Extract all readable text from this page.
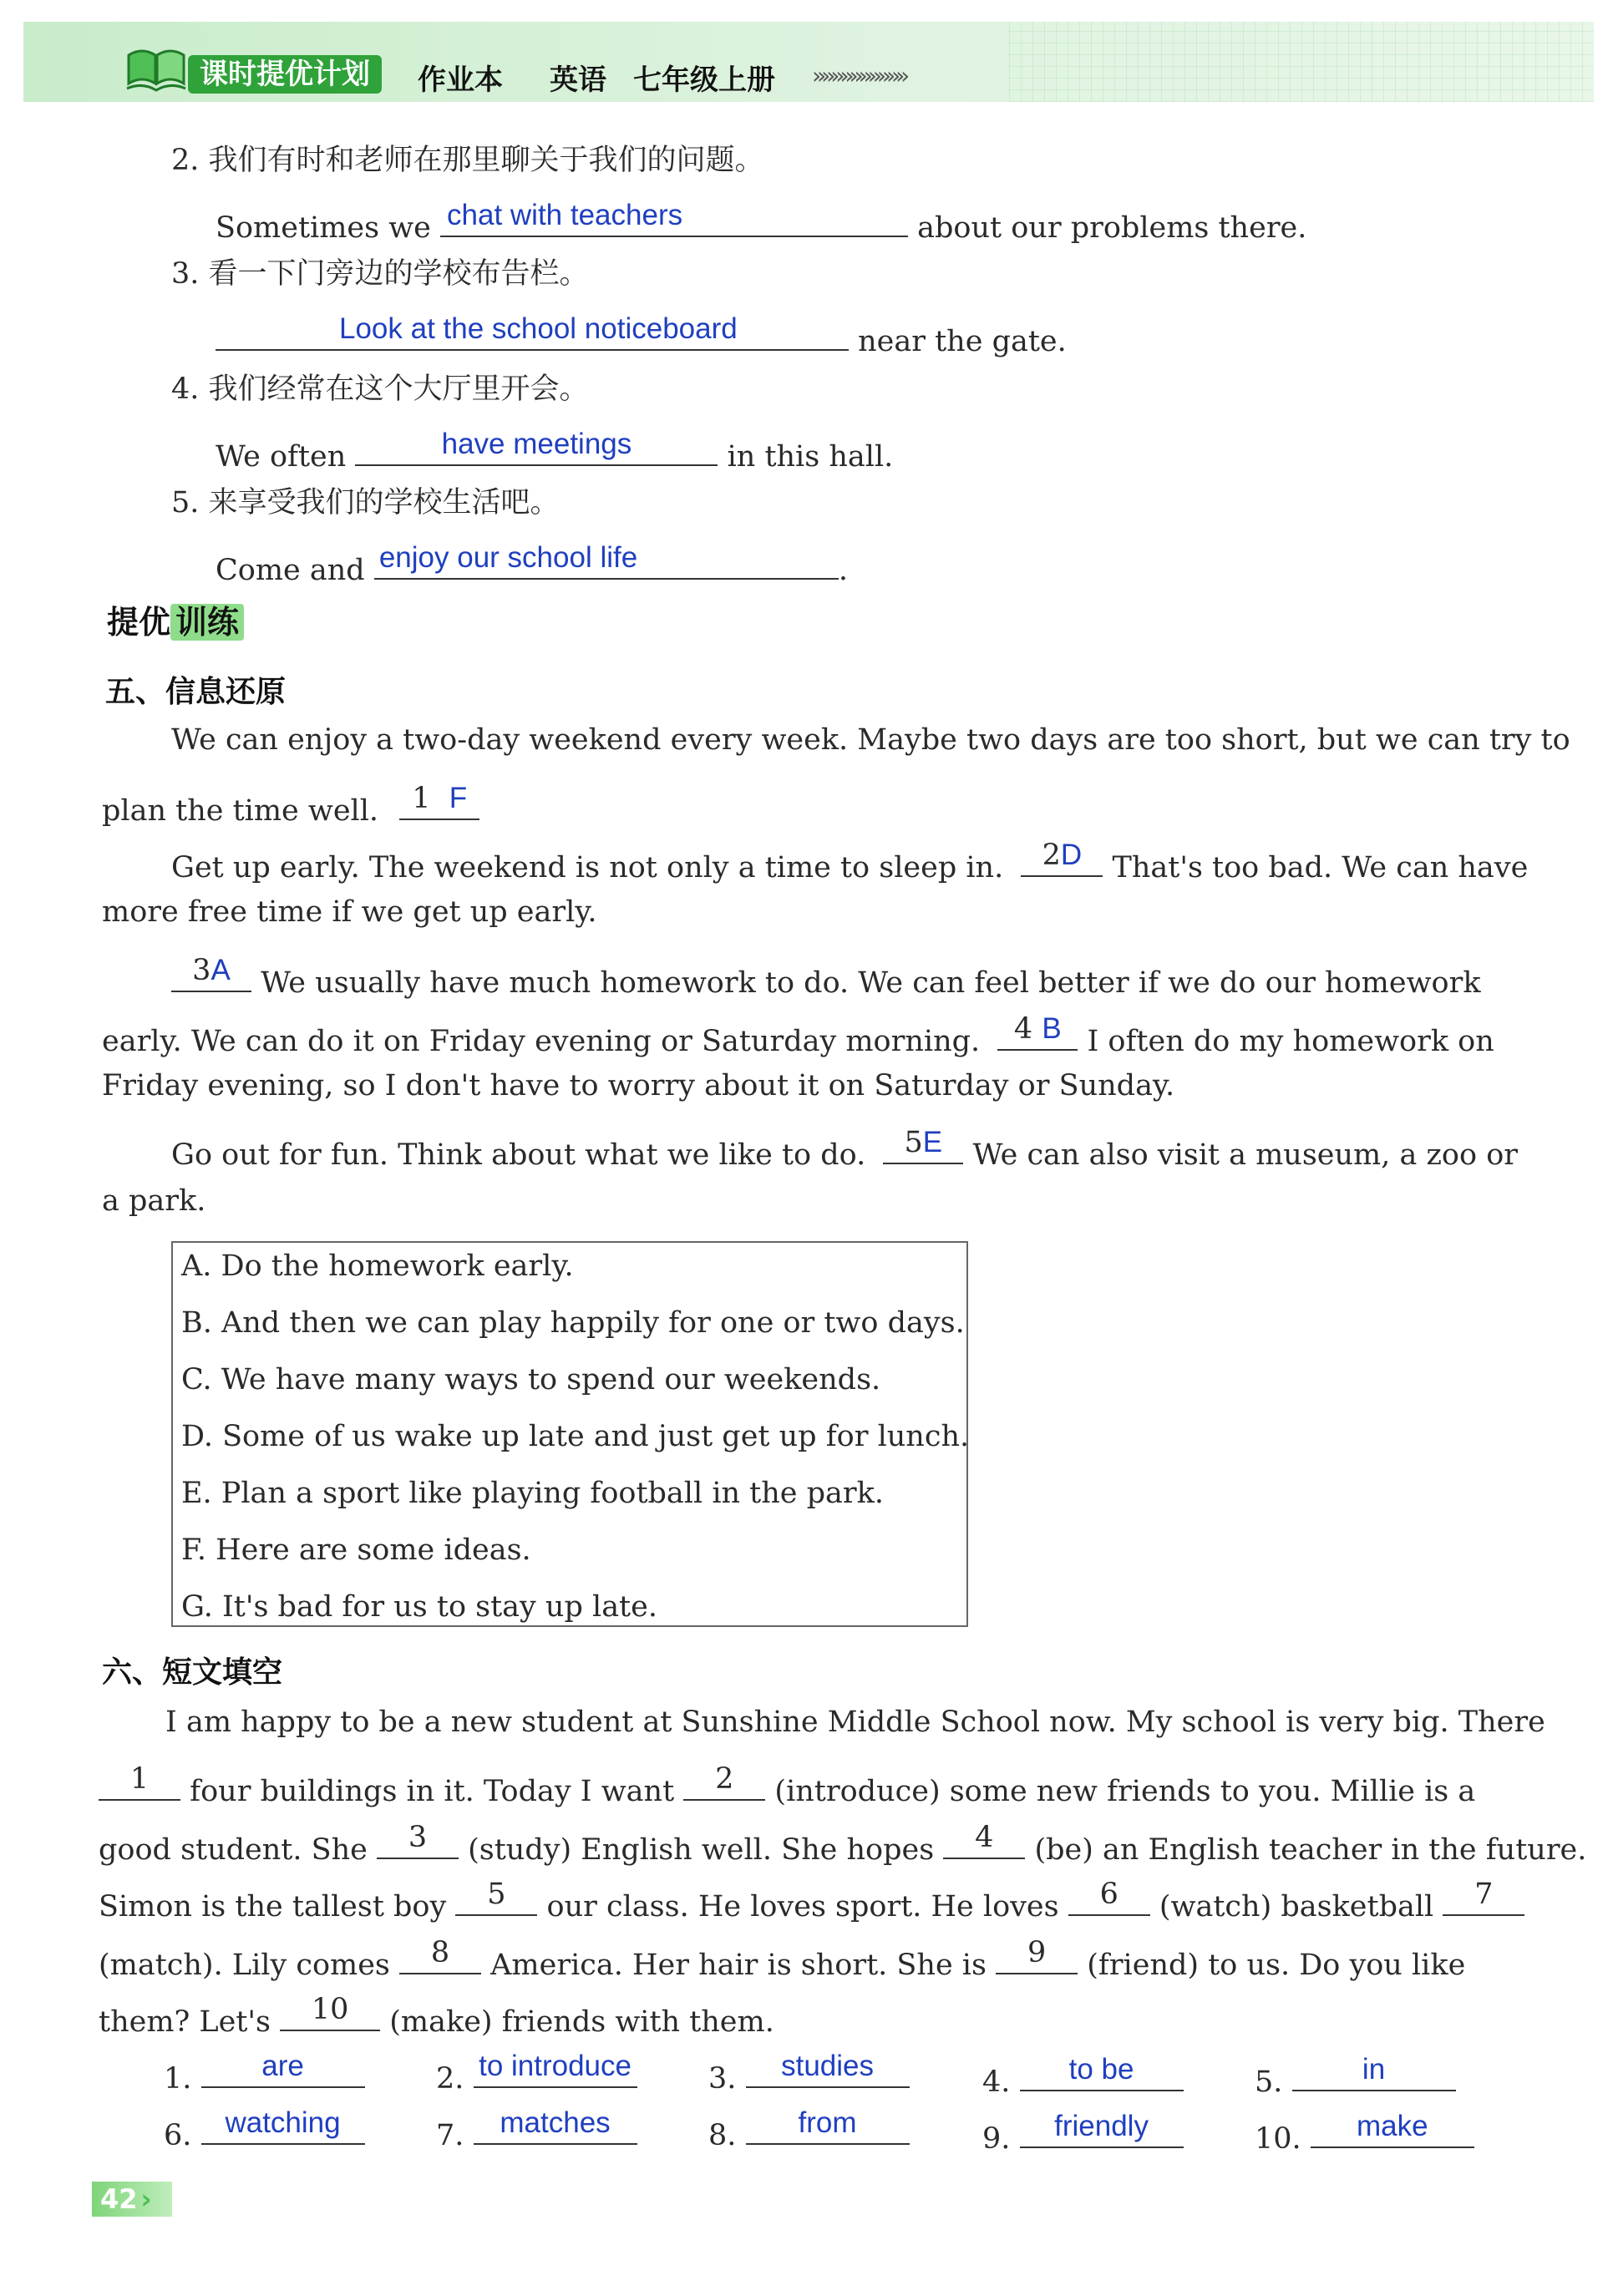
课时提优计划	作业本 英语 七年级上册 »»»»»»»»»»
2. 我们有时和老师在那里聊关于我们的问题。
Sometimes we chat with teachers	about our problems there.
3. 看一下门旁边的学校布告栏。
Look at the school noticeboard	near the gate.
4. 我们经常在这个大厅里开会。
We often	have meetings	in this hall.
5. 来享受我们的学校生活吧。
Come and enjoy our school life	.
提优 训练
五、信息还原
We can enjoy a two-day weekend every week. Maybe two days are too short, but we can try to
plan the time well.	1 F
Get up early. The weekend is not only a time to sleep in.	2D	That's too bad. We can have
more free time if we get up early.
3A	We usually have much homework to do. We can feel better if we do our homework
early. We can do it on Friday evening or Saturday morning.	4 B I often do my homework on
Friday evening, so I don't have to worry about it on Saturday or Sunday.
Go out for fun. Think about what we like to do.	5E	We can also visit a museum, a zoo or
a park.
A. Do the homework early.
B. And then we can play happily for one or two days.
C. We have many ways to spend our weekends.
D. Some of us wake up late and just get up for lunch.
E. Plan a sport like playing football in the park.
F. Here are some ideas.
G. It's bad for us to stay up late.
六、短文填空
I am happy to be a new student at Sunshine Middle School now. My school is very big. There
1	four buildings in it. Today I want	2	(introduce) some new friends to you. Millie is a
good student. She	3	(study) English well. She hopes	4	(be) an English teacher in the future.
Simon is the tallest boy	5	our class. He loves sport. He loves	6	(watch) basketball	7
(match). Lily comes	8	America. Her hair is short. She is	9	(friend) to us. Do you like
them? Let's	10	(make) friends with them.
1.	are	2. to introduce	3.	studies	4.	to be	5.	in
6.	watching	7.	matches	8.	from	9.	friendly	10.	make
42 ›
